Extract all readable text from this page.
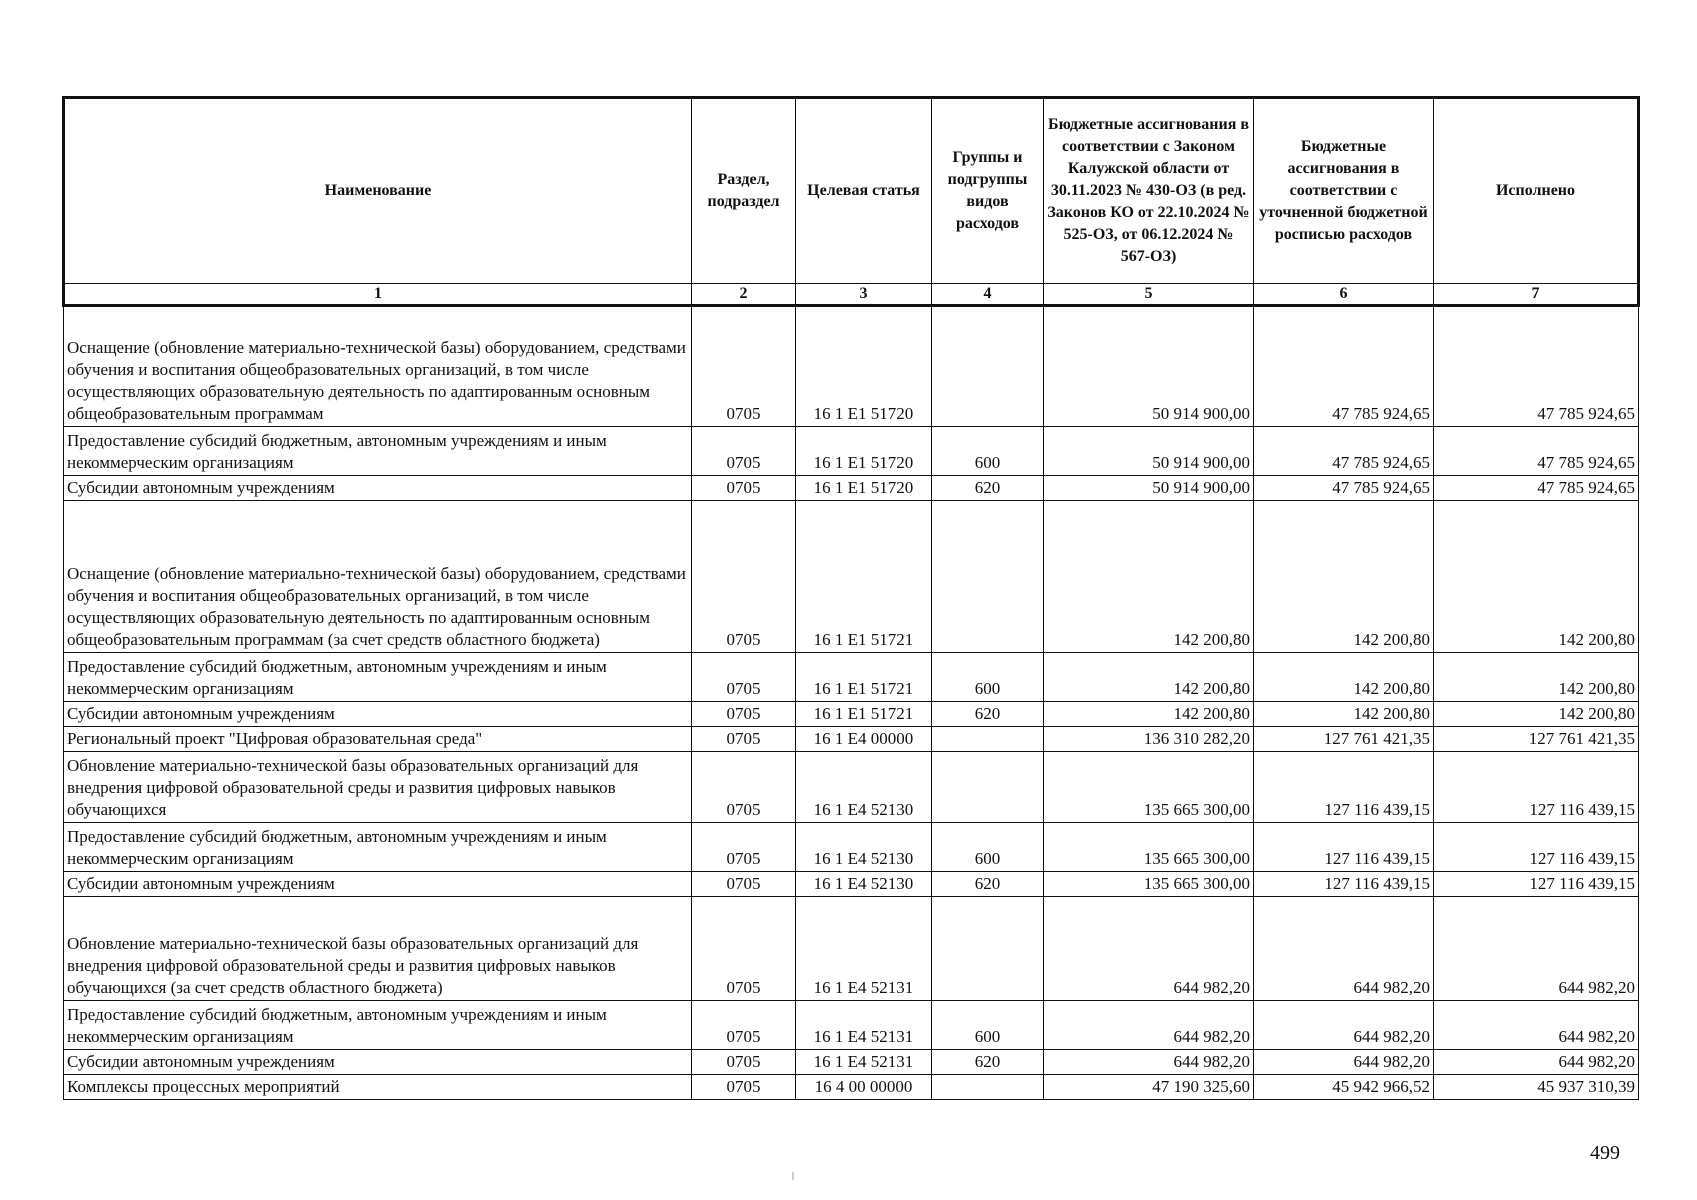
Наименование	Раздел, подраздел	Целевая статья	Группы и подгруппы видов расходов	Бюджетные ассигнования в соответствии с Законом Калужской области от 30.11.2023 № 430-ОЗ (в ред. Законов КО от 22.10.2024 № 525-ОЗ, от 06.12.2024 № 567-ОЗ)	Бюджетные ассигнования в соответствии с уточненной бюджетной росписью расходов	Исполнено
1	2	3	4	5	6	7
Оснащение (обновление материально-технической базы) оборудованием, средствами обучения и воспитания общеобразовательных организаций, в том числе осуществляющих образовательную деятельность по адаптированным основным общеобразовательным программам	0705	16 1 E1 51720		50 914 900,00	47 785 924,65	47 785 924,65
Предоставление субсидий бюджетным, автономным учреждениям и иным некоммерческим организациям	0705	16 1 E1 51720	600	50 914 900,00	47 785 924,65	47 785 924,65
Субсидии автономным учреждениям	0705	16 1 E1 51720	620	50 914 900,00	47 785 924,65	47 785 924,65
Оснащение (обновление материально-технической базы) оборудованием, средствами обучения и воспитания общеобразовательных организаций, в том числе осуществляющих образовательную деятельность по адаптированным основным общеобразовательным программам (за счет средств областного бюджета)	0705	16 1 E1 51721		142 200,80	142 200,80	142 200,80
Предоставление субсидий бюджетным, автономным учреждениям и иным некоммерческим организациям	0705	16 1 E1 51721	600	142 200,80	142 200,80	142 200,80
Субсидии автономным учреждениям	0705	16 1 E1 51721	620	142 200,80	142 200,80	142 200,80
Региональный проект "Цифровая образовательная среда"	0705	16 1 E4 00000		136 310 282,20	127 761 421,35	127 761 421,35
Обновление материально-технической базы образовательных организаций для внедрения цифровой образовательной среды и развития цифровых навыков обучающихся	0705	16 1 E4 52130		135 665 300,00	127 116 439,15	127 116 439,15
Предоставление субсидий бюджетным, автономным учреждениям и иным некоммерческим организациям	0705	16 1 E4 52130	600	135 665 300,00	127 116 439,15	127 116 439,15
Субсидии автономным учреждениям	0705	16 1 E4 52130	620	135 665 300,00	127 116 439,15	127 116 439,15
Обновление материально-технической базы образовательных организаций для внедрения цифровой образовательной среды и развития цифровых навыков обучающихся (за счет средств областного бюджета)	0705	16 1 E4 52131		644 982,20	644 982,20	644 982,20
Предоставление субсидий бюджетным, автономным учреждениям и иным некоммерческим организациям	0705	16 1 E4 52131	600	644 982,20	644 982,20	644 982,20
Субсидии автономным учреждениям	0705	16 1 E4 52131	620	644 982,20	644 982,20	644 982,20
Комплексы процессных мероприятий	0705	16 4 00 00000		47 190 325,60	45 942 966,52	45 937 310,39
499
